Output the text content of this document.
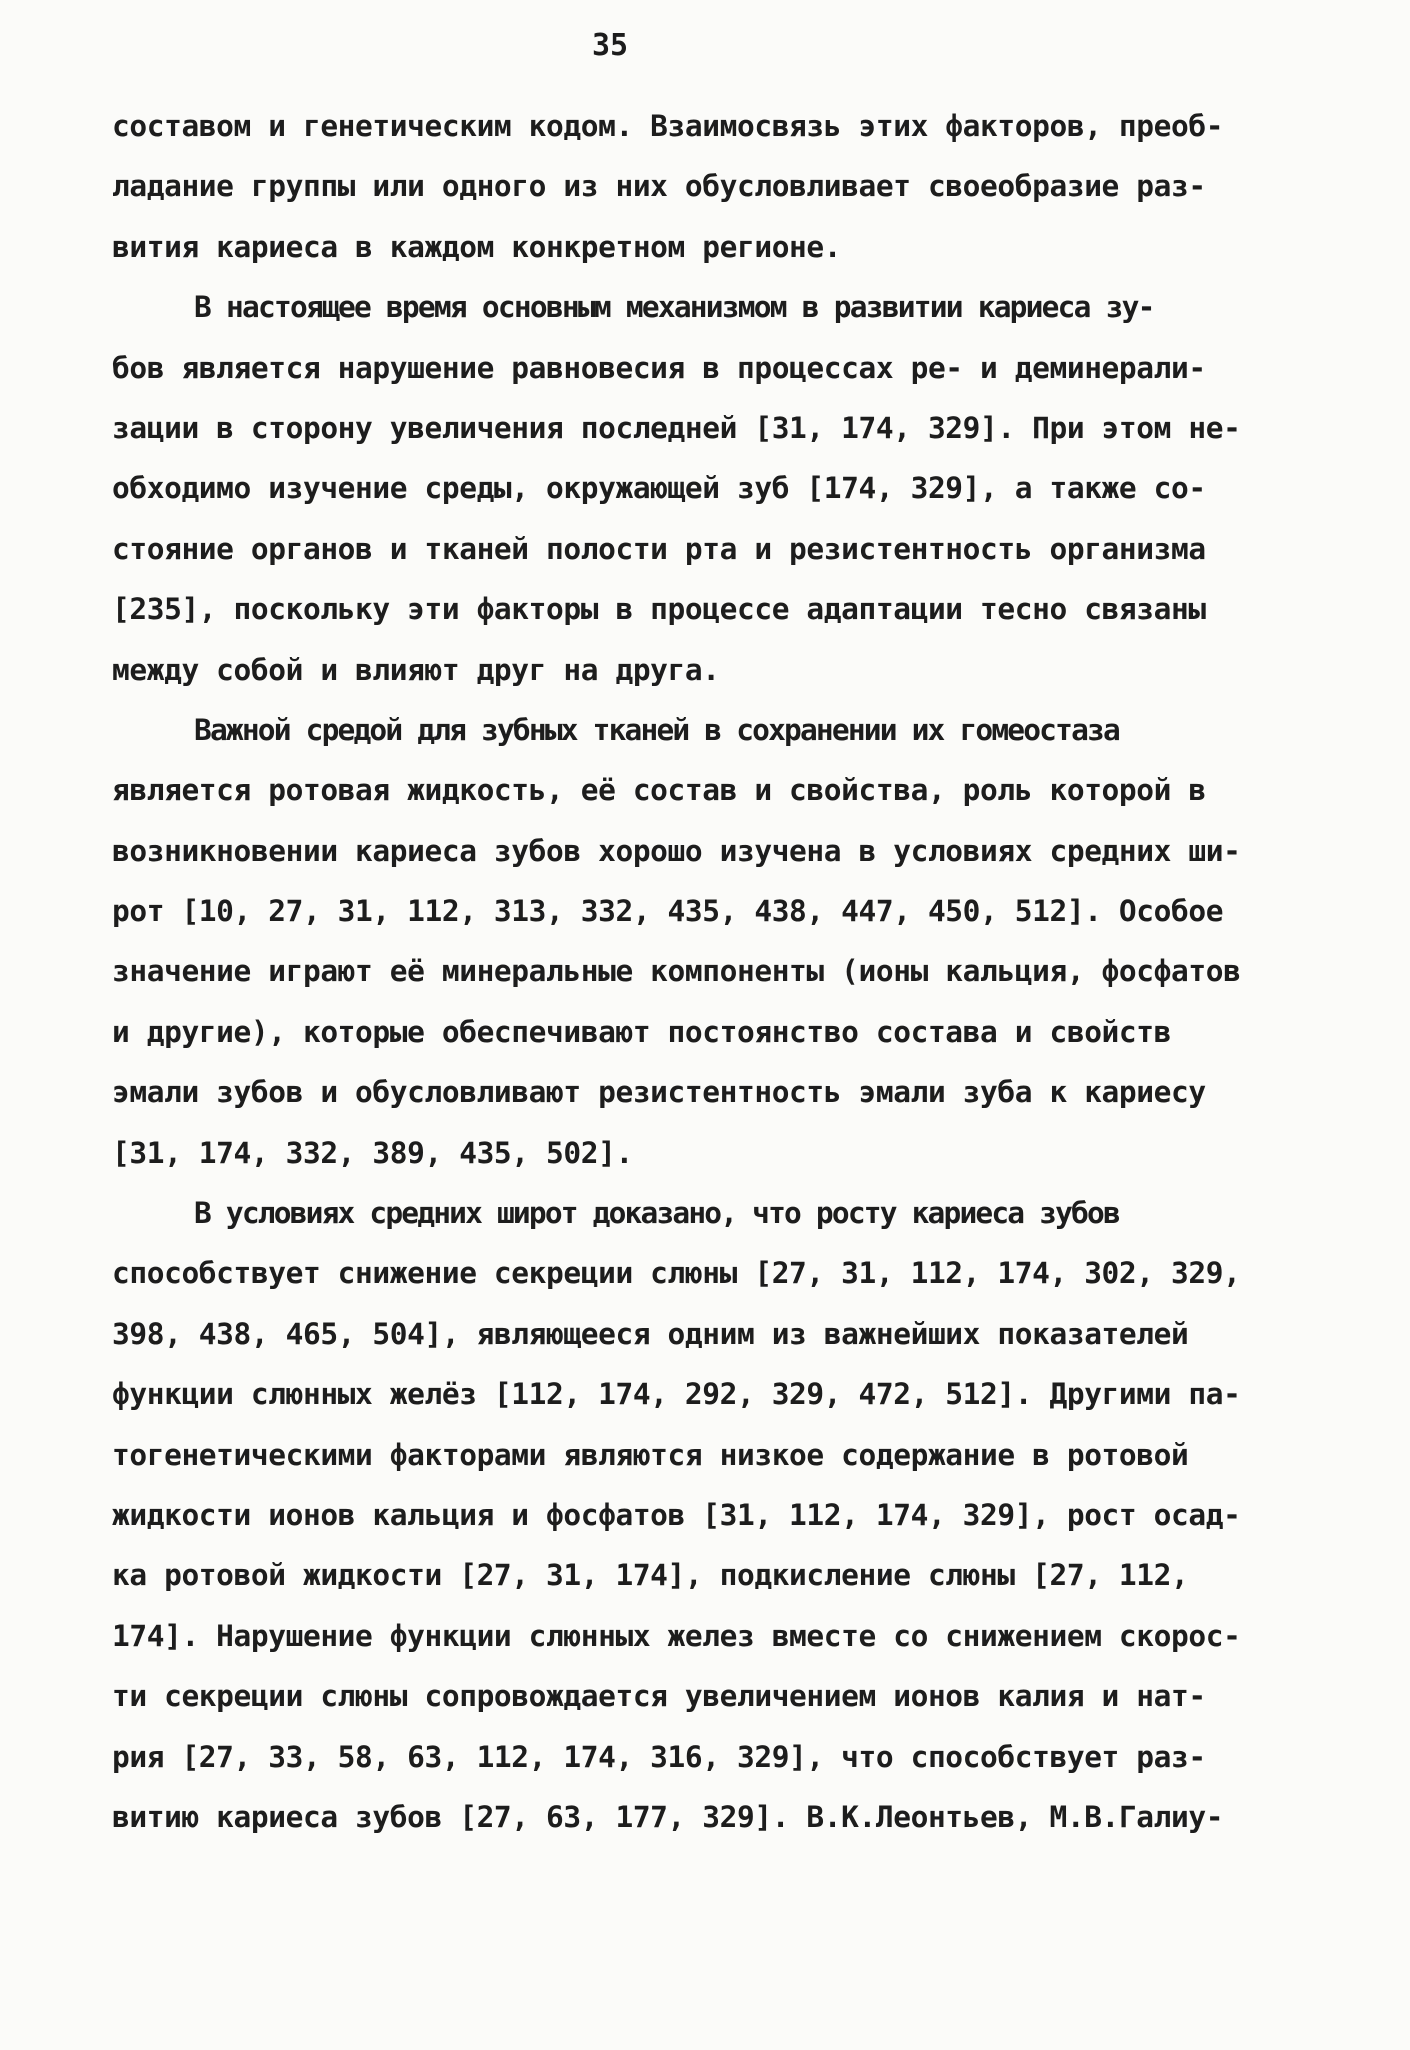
35
составом и генетическим кодом. Взаимосвязь этих факторов, преоб-
ладание группы или одного из них обусловливает своеобразие раз-
вития кариеса в каждом конкретном регионе.
В настоящее время основным механизмом в развитии кариеса зу-
бов является нарушение равновесия в процессах ре- и деминерали-
зации в сторону увеличения последней [31, 174, 329]. При этом не-
обходимо изучение среды, окружающей зуб [174, 329], а также со-
стояние органов и тканей полости рта и резистентность организма
[235], поскольку эти факторы в процессе адаптации тесно связаны
между собой и влияют друг на друга.
Важной средой для зубных тканей в сохранении их гомеостаза
является ротовая жидкость, её состав и свойства, роль которой в
возникновении кариеса зубов хорошо изучена в условиях средних ши-
рот [10, 27, 31, 112, 313, 332, 435, 438, 447, 450, 512]. Особое
значение играют её минеральные компоненты (ионы кальция, фосфатов
и другие), которые обеспечивают постоянство состава и свойств
эмали зубов и обусловливают резистентность эмали зуба к кариесу
[31, 174, 332, 389, 435, 502].
В условиях средних широт доказано, что росту кариеса зубов
способствует снижение секреции слюны [27, 31, 112, 174, 302, 329,
398, 438, 465, 504], являющееся одним из важнейших показателей
функции слюнных желёз [112, 174, 292, 329, 472, 512]. Другими па-
тогенетическими факторами являются низкое содержание в ротовой
жидкости ионов кальция и фосфатов [31, 112, 174, 329], рост осад-
ка ротовой жидкости [27, 31, 174], подкисление слюны [27, 112,
174]. Нарушение функции слюнных желез вместе со снижением скорос-
ти секреции слюны сопровождается увеличением ионов калия и нат-
рия [27, 33, 58, 63, 112, 174, 316, 329], что способствует раз-
витию кариеса зубов [27, 63, 177, 329]. В.К.Леонтьев, М.В.Галиу-
